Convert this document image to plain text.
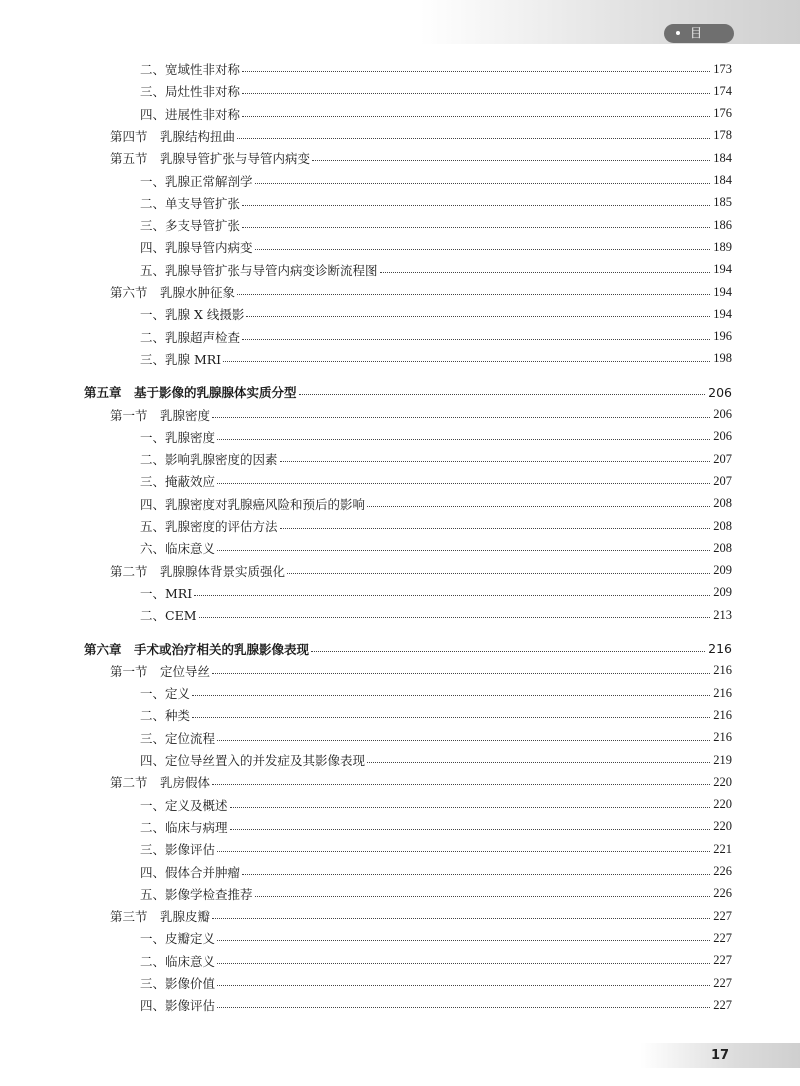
目 录
二、宽域性非对称	173
三、局灶性非对称	174
四、进展性非对称	176
第四节　乳腺结构扭曲	178
第五节　乳腺导管扩张与导管内病变	184
一、乳腺正常解剖学	184
二、单支导管扩张	185
三、多支导管扩张	186
四、乳腺导管内病变	189
五、乳腺导管扩张与导管内病变诊断流程图	194
第六节　乳腺水肿征象	194
一、乳腺 X 线摄影	194
二、乳腺超声检查	196
三、乳腺 MRI	198
第五章　基于影像的乳腺腺体实质分型	206
第一节　乳腺密度	206
一、乳腺密度	206
二、影响乳腺密度的因素	207
三、掩蔽效应	207
四、乳腺密度对乳腺癌风险和预后的影响	208
五、乳腺密度的评估方法	208
六、临床意义	208
第二节　乳腺腺体背景实质强化	209
一、MRI	209
二、CEM	213
第六章　手术或治疗相关的乳腺影像表现	216
第一节　定位导丝	216
一、定义	216
二、种类	216
三、定位流程	216
四、定位导丝置入的并发症及其影像表现	219
第二节　乳房假体	220
一、定义及概述	220
二、临床与病理	220
三、影像评估	221
四、假体合并肿瘤	226
五、影像学检查推荐	226
第三节　乳腺皮瓣	227
一、皮瓣定义	227
二、临床意义	227
三、影像价值	227
四、影像评估	227
17
